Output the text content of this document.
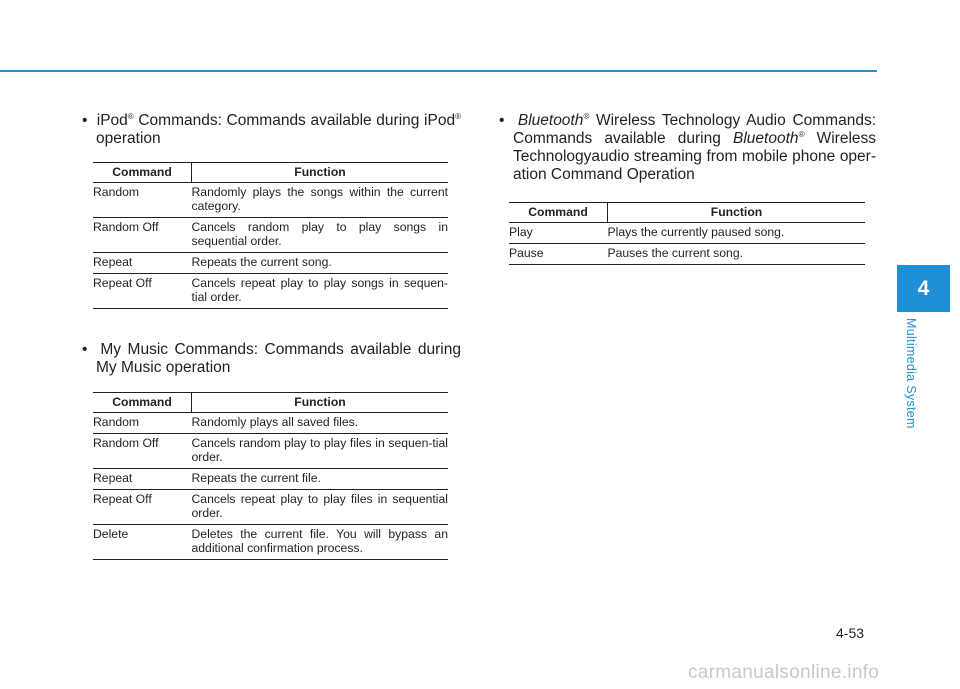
•  iPod® Commands: Commands available during iPod® operation
Command	Function
Random	Randomly plays the songs within the current category.
Random Off	Cancels random play to play songs in sequential order.
Repeat	Repeats the current song.
Repeat Off	Cancels repeat play to play songs in sequen-tial order.
•  My Music Commands: Commands available during My Music operation
Command	Function
Random	Randomly plays all saved files.
Random Off	Cancels random play to play files in sequen-tial order.
Repeat	Repeats the current file.
Repeat Off	Cancels repeat play to play files in sequential order.
Delete	Deletes the current file. You will bypass an additional confirmation process.
•  Bluetooth® Wireless Technology Audio Commands: Commands available during Bluetooth® Wireless Technologyaudio streaming from mobile phone oper-ation Command Operation
Command	Function
Play	Plays the currently paused song.
Pause	Pauses the current song.
4
Multimedia System
4-53
carmanualsonline.info
